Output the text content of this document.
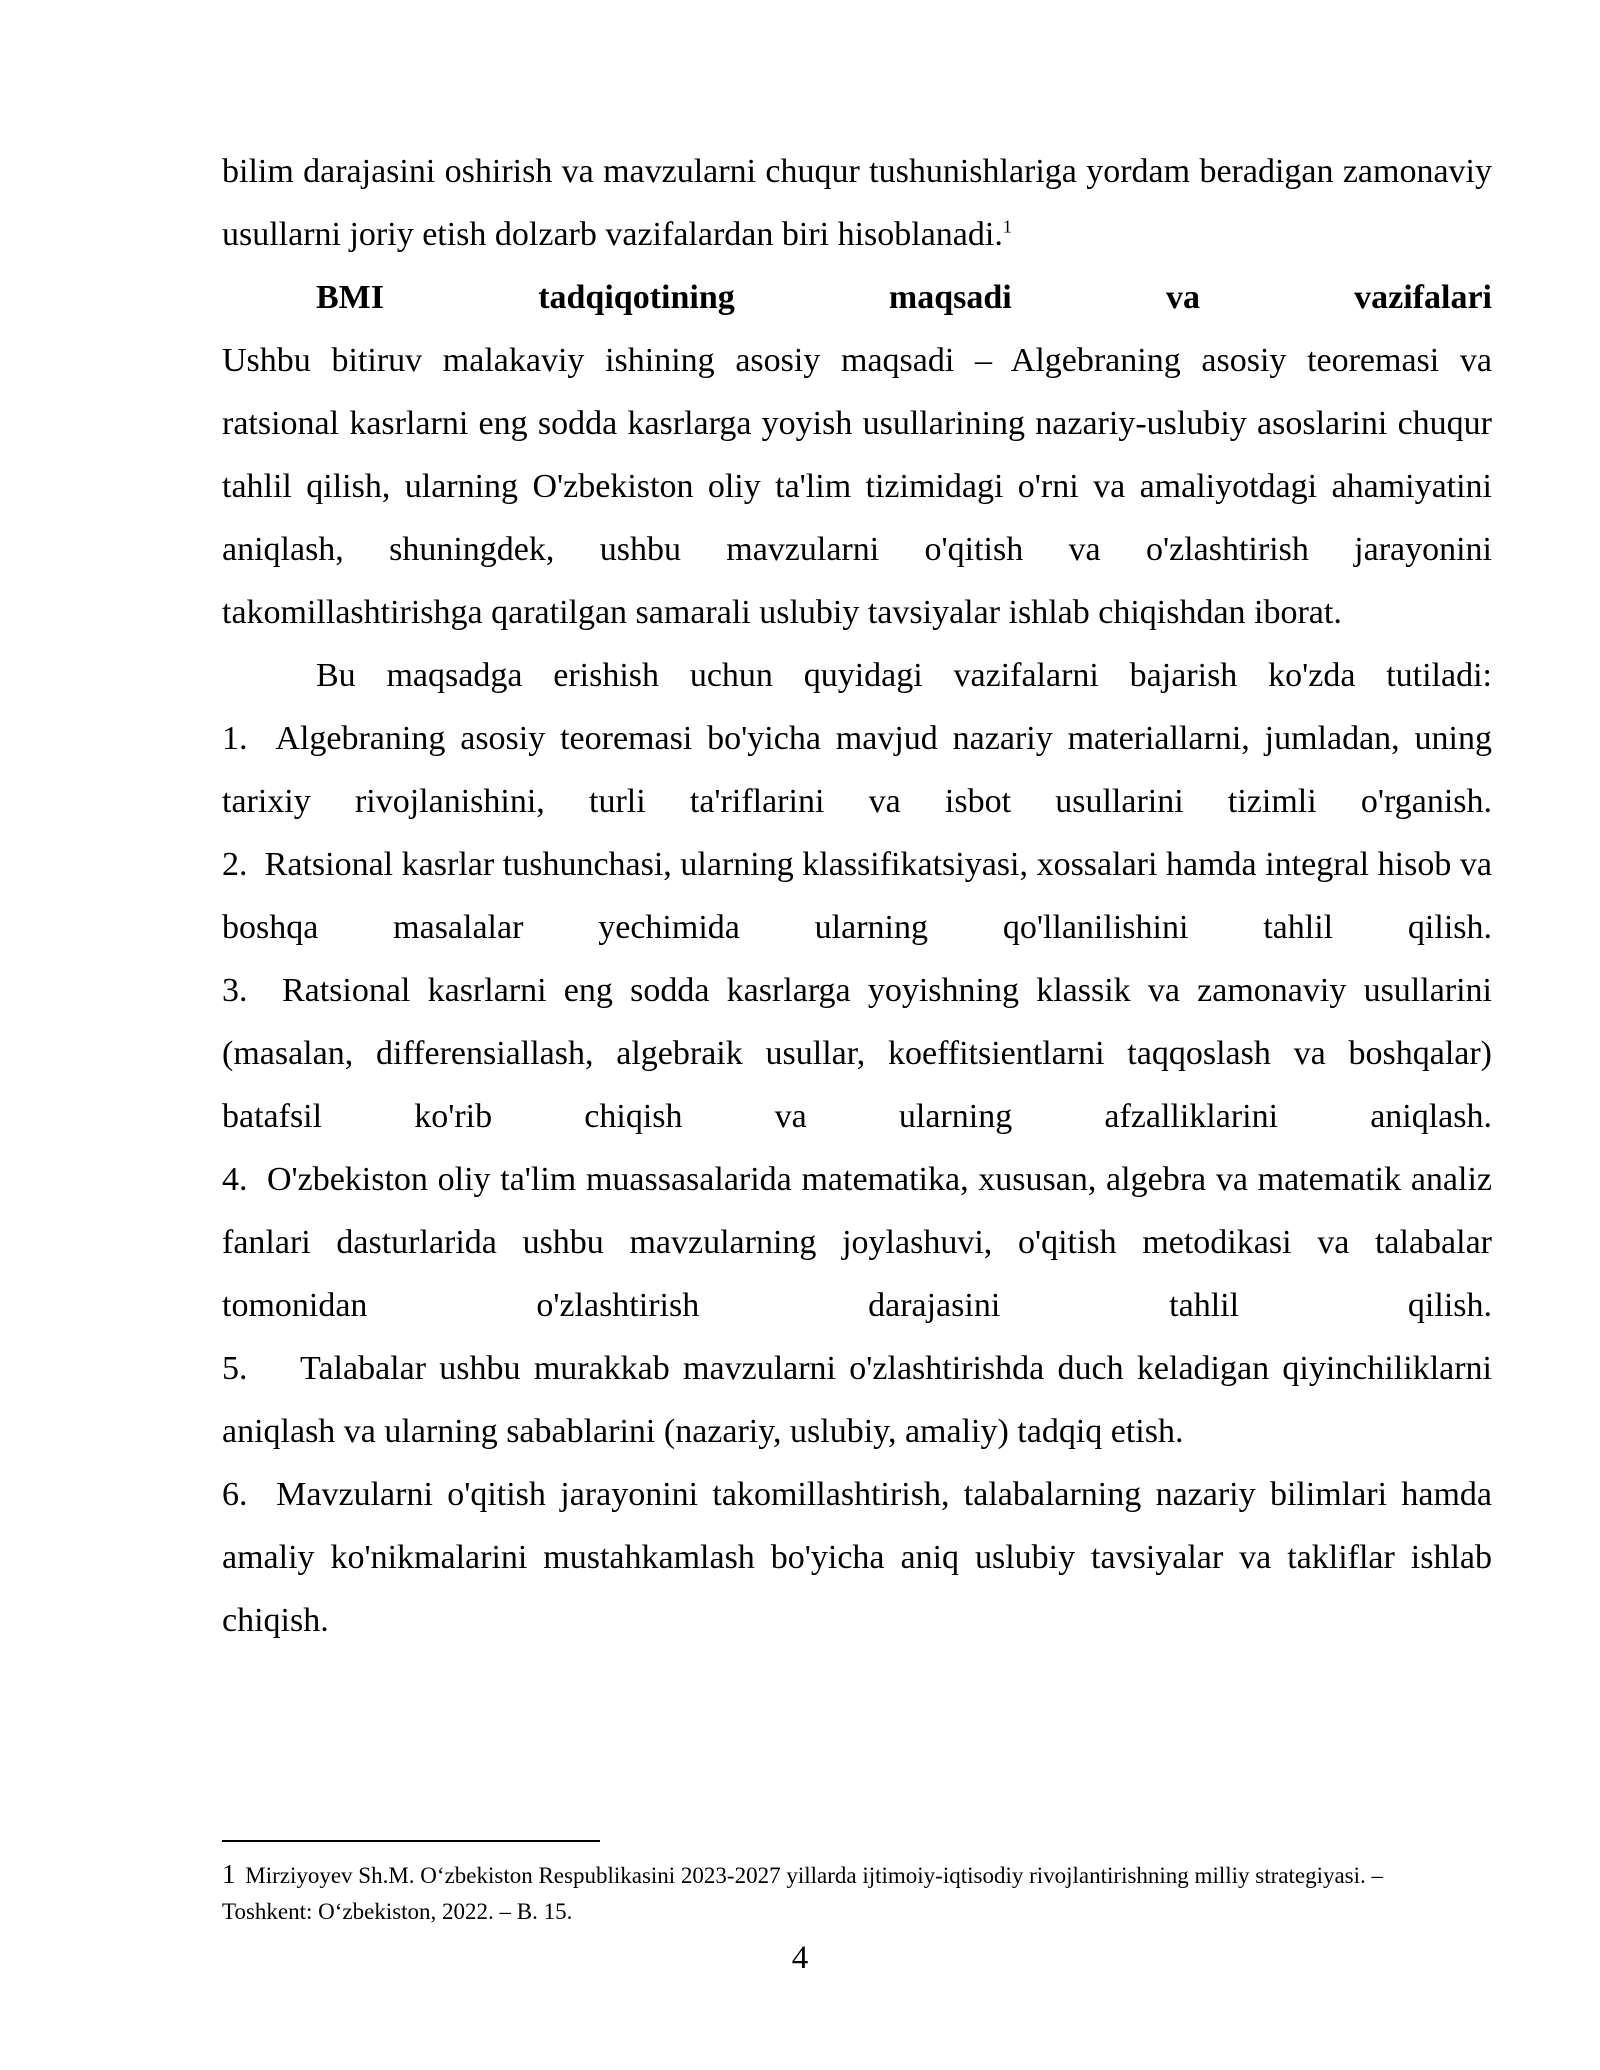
bilim darajasini oshirish va mavzularni chuqur tushunishlariga yordam beradigan zamonaviy usullarni joriy etish dolzarb vazifalardan biri hisoblanadi.$^1$

BMI tadqiqotining maqsadi va vazifalari

Ushbu bitiruv malakaviy ishining asosiy maqsadi – Algebraning asosiy teoremasi va ratsional kasrlarni eng sodda kasrlarga yoyish usullarining nazariy-uslubiy asoslarini chuqur tahlil qilish, ularning O'zbekiston oliy ta'lim tizimidagi o'rni va amaliyotdagi ahamiyatini aniqlash, shuningdek, ushbu mavzularni o'qitish va o'zlashtirish jarayonini takomillashtirishga qaratilgan samarali uslubiy tavsiyalar ishlab chiqishdan iborat.

Bu maqsadga erishish uchun quyidagi vazifalarni bajarish ko'zda tutiladi:

1. Algebraning asosiy teoremasi bo'yicha mavjud nazariy materiallarni, jumladan, uning tarixiy rivojlanishini, turli ta'riflarini va isbot usullarini tizimli o'rganish.

2. Ratsional kasrlar tushunchasi, ularning klassifikatsiyasi, xossalari hamda integral hisob va boshqa masalalar yechimida ularning qo'llanilishini tahlil qilish.

3. Ratsional kasrlarni eng sodda kasrlarga yoyishning klassik va zamonaviy usullarini (masalan, differensiallash, algebraik usullar, koeffitsientlarni taqqoslash va boshqalar) batafsil ko'rib chiqish va ularning afzalliklarini aniqlash.

4. O'zbekiston oliy ta'lim muassasalarida matematika, xususan, algebra va matematik analiz fanlari dasturlarida ushbu mavzularning joylashuvi, o'qitish metodikasi va talabalar tomonidan o'zlashtirish darajasini tahlil qilish.

5. Talabalar ushbu murakkab mavzularni o'zlashtirishda duch keladigan qiyinchiliklarni aniqlash va ularning sabablarini (nazariy, uslubiy, amaliy) tadqiq etish.

6. Mavzularni o'qitish jarayonini takomillashtirish, talabalarning nazariy bilimlari hamda amaliy ko'nikmalarini mustahkamlash bo'yicha aniq uslubiy tavsiyalar va takliflar ishlab chiqish.

1 Mirziyoyev Sh.M. O‘zbekiston Respublikasini 2023-2027 yillarda ijtimoiy-iqtisodiy rivojlantirishning milliy strategiyasi. – Toshkent: O‘zbekiston, 2022. – B. 15.
4
